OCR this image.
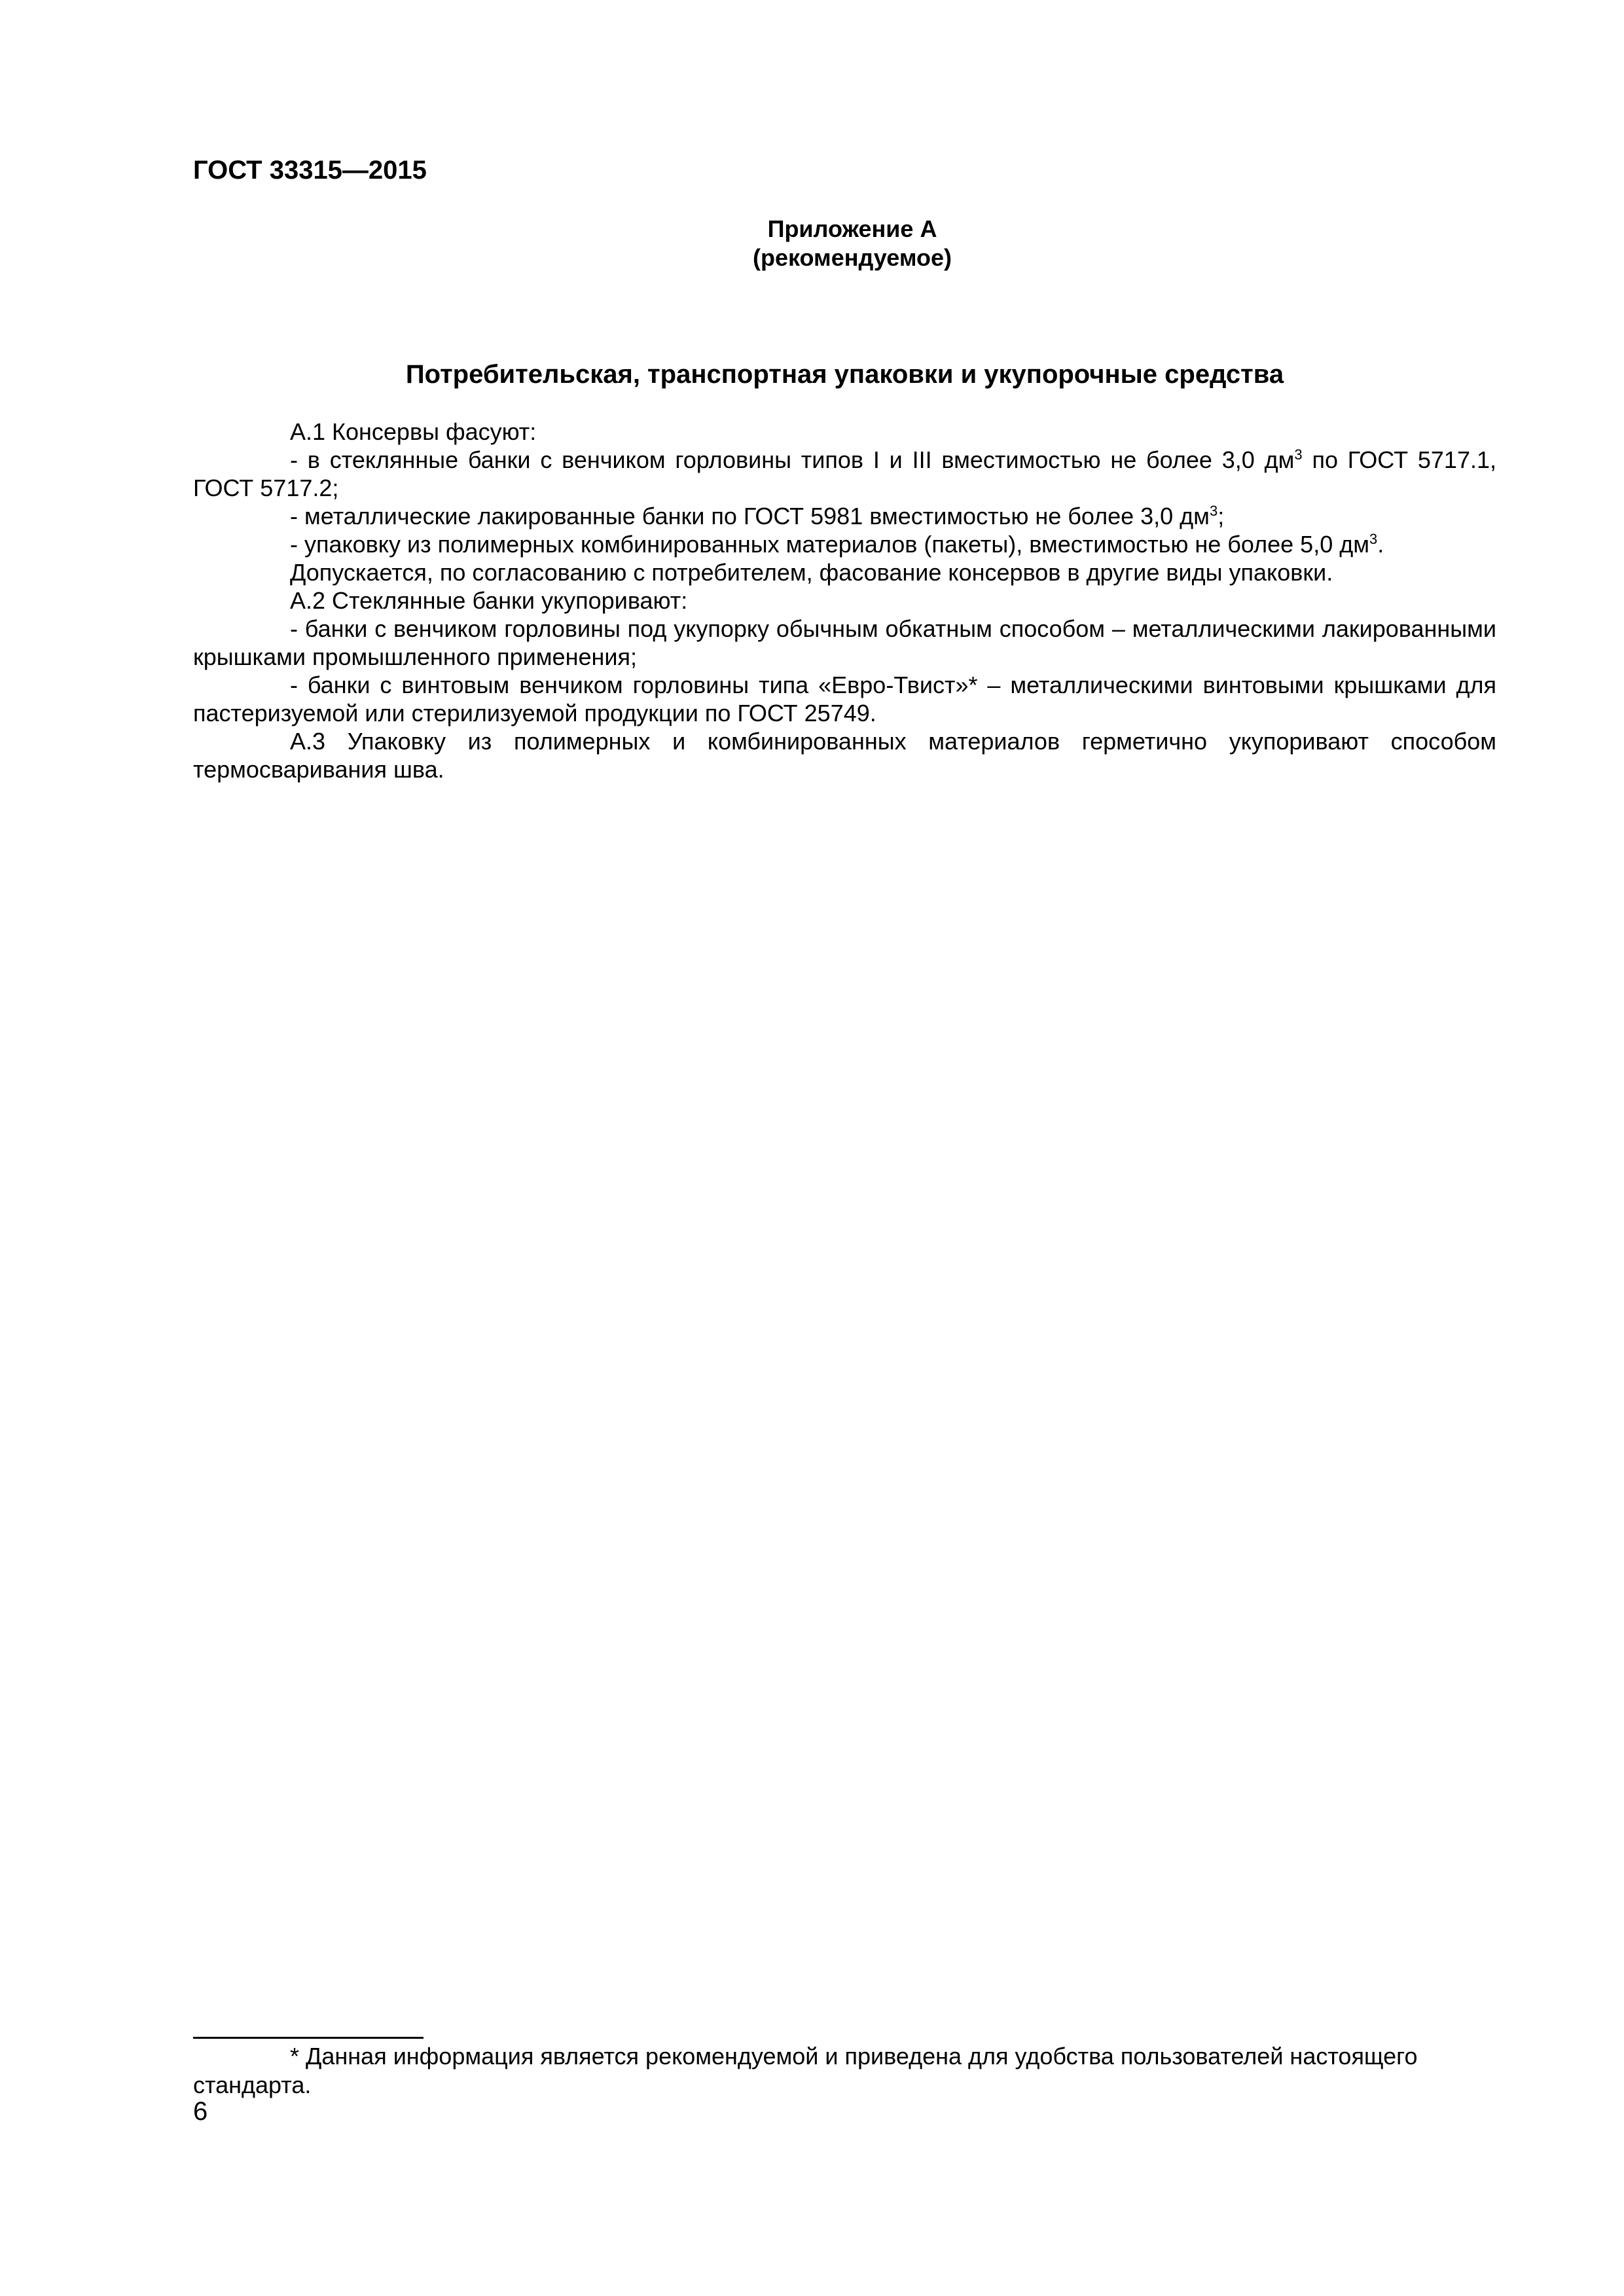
ГОСТ 33315—2015
Приложение А
(рекомендуемое)
Потребительская, транспортная упаковки и укупорочные средства

А.1 Консервы фасуют:

- в стеклянные банки с венчиком горловины типов I и III вместимостью не более 3,0 $дм^3$ по ГОСТ 5717.1, ГОСТ 5717.2;

- металлические лакированные банки по ГОСТ 5981 вместимостью не более 3,0 $дм^3$;

- упаковку из полимерных комбинированных материалов (пакеты), вместимостью не более 5,0 $дм^3$.

Допускается, по согласованию с потребителем, фасование консервов в другие виды упаковки.

А.2 Стеклянные банки укупоривают:

- банки с венчиком горловины под укупорку обычным обкатным способом – металлическими лакированными крышками промышленного применения;

- банки с винтовым венчиком горловины типа «Евро-Твист»* – металлическими винтовыми крышками для пастеризуемой или стерилизуемой продукции по ГОСТ 25749.

А.3 Упаковку из полимерных и комбинированных материалов герметично укупоривают способом термосваривания шва.

* Данная информация является рекомендуемой и приведена для удобства пользователей настоящего стандарта.

6
